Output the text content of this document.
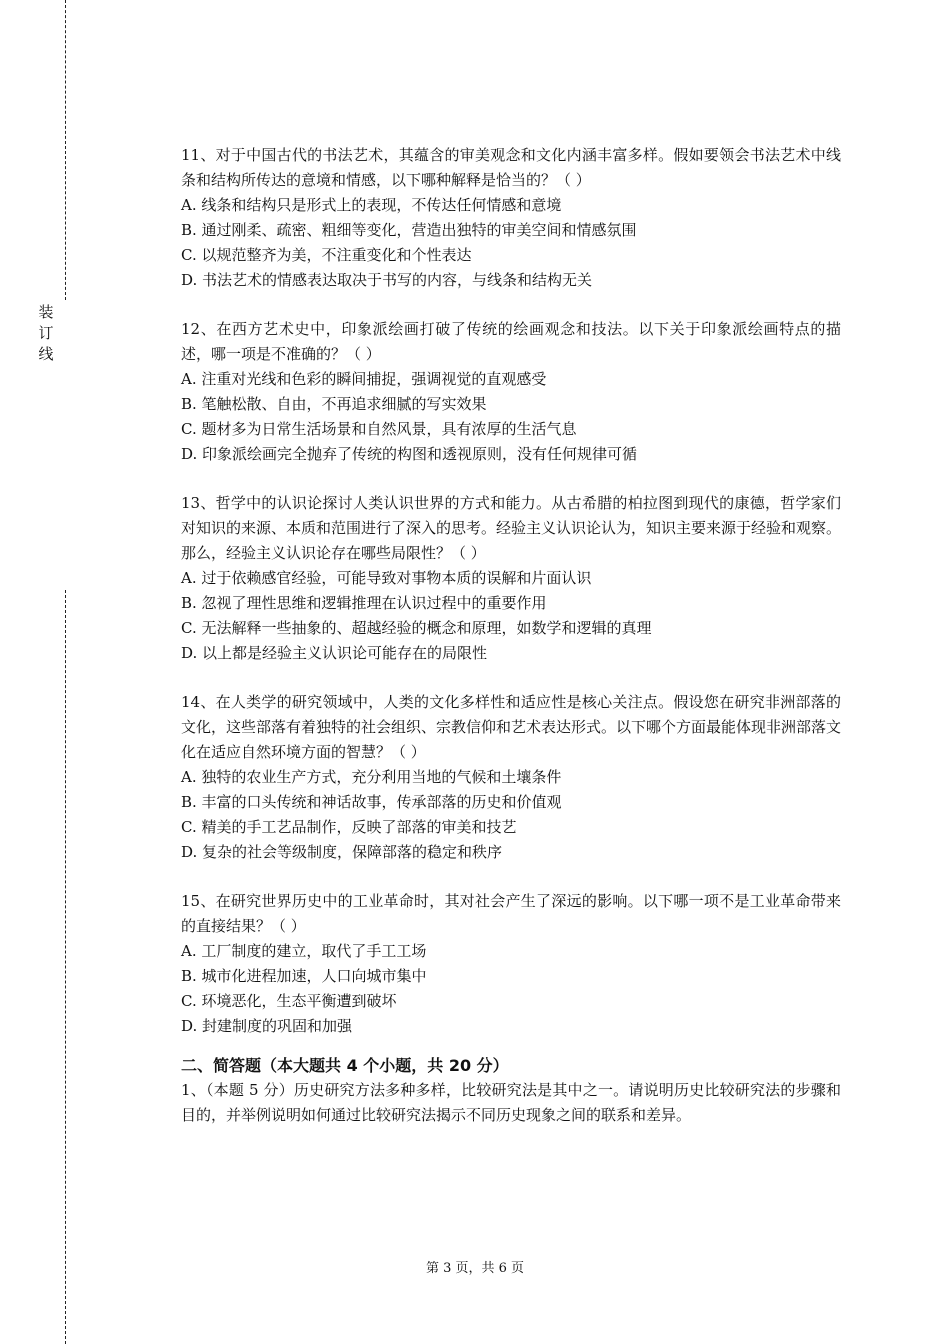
装
订
线

11、对于中国古代的书法艺术，其蕴含的审美观念和文化内涵丰富多样。假如要领会书法艺术中线条和结构所传达的意境和情感，以下哪种解释是恰当的？（ ）

A. 线条和结构只是形式上的表现，不传达任何情感和意境

B. 通过刚柔、疏密、粗细等变化，营造出独特的审美空间和情感氛围

C. 以规范整齐为美，不注重变化和个性表达

D. 书法艺术的情感表达取决于书写的内容，与线条和结构无关

12、在西方艺术史中，印象派绘画打破了传统的绘画观念和技法。以下关于印象派绘画特点的描述，哪一项是不准确的？（ ）

A. 注重对光线和色彩的瞬间捕捉，强调视觉的直观感受

B. 笔触松散、自由，不再追求细腻的写实效果

C. 题材多为日常生活场景和自然风景，具有浓厚的生活气息

D. 印象派绘画完全抛弃了传统的构图和透视原则，没有任何规律可循

13、哲学中的认识论探讨人类认识世界的方式和能力。从古希腊的柏拉图到现代的康德，哲学家们对知识的来源、本质和范围进行了深入的思考。经验主义认识论认为，知识主要来源于经验和观察。那么，经验主义认识论存在哪些局限性？（ ）

A. 过于依赖感官经验，可能导致对事物本质的误解和片面认识

B. 忽视了理性思维和逻辑推理在认识过程中的重要作用

C. 无法解释一些抽象的、超越经验的概念和原理，如数学和逻辑的真理

D. 以上都是经验主义认识论可能存在的局限性

14、在人类学的研究领域中，人类的文化多样性和适应性是核心关注点。假设您在研究非洲部落的文化，这些部落有着独特的社会组织、宗教信仰和艺术表达形式。以下哪个方面最能体现非洲部落文化在适应自然环境方面的智慧？（ ）

A. 独特的农业生产方式，充分利用当地的气候和土壤条件

B. 丰富的口头传统和神话故事，传承部落的历史和价值观

C. 精美的手工艺品制作，反映了部落的审美和技艺

D. 复杂的社会等级制度，保障部落的稳定和秩序

15、在研究世界历史中的工业革命时，其对社会产生了深远的影响。以下哪一项不是工业革命带来的直接结果？（ ）

A. 工厂制度的建立，取代了手工工场

B. 城市化进程加速，人口向城市集中

C. 环境恶化，生态平衡遭到破坏

D. 封建制度的巩固和加强

二、简答题（本大题共 4 个小题，共 20 分）

1、（本题 5 分）历史研究方法多种多样，比较研究法是其中之一。请说明历史比较研究法的步骤和目的，并举例说明如何通过比较研究法揭示不同历史现象之间的联系和差异。

第 3 页，共 6 页
